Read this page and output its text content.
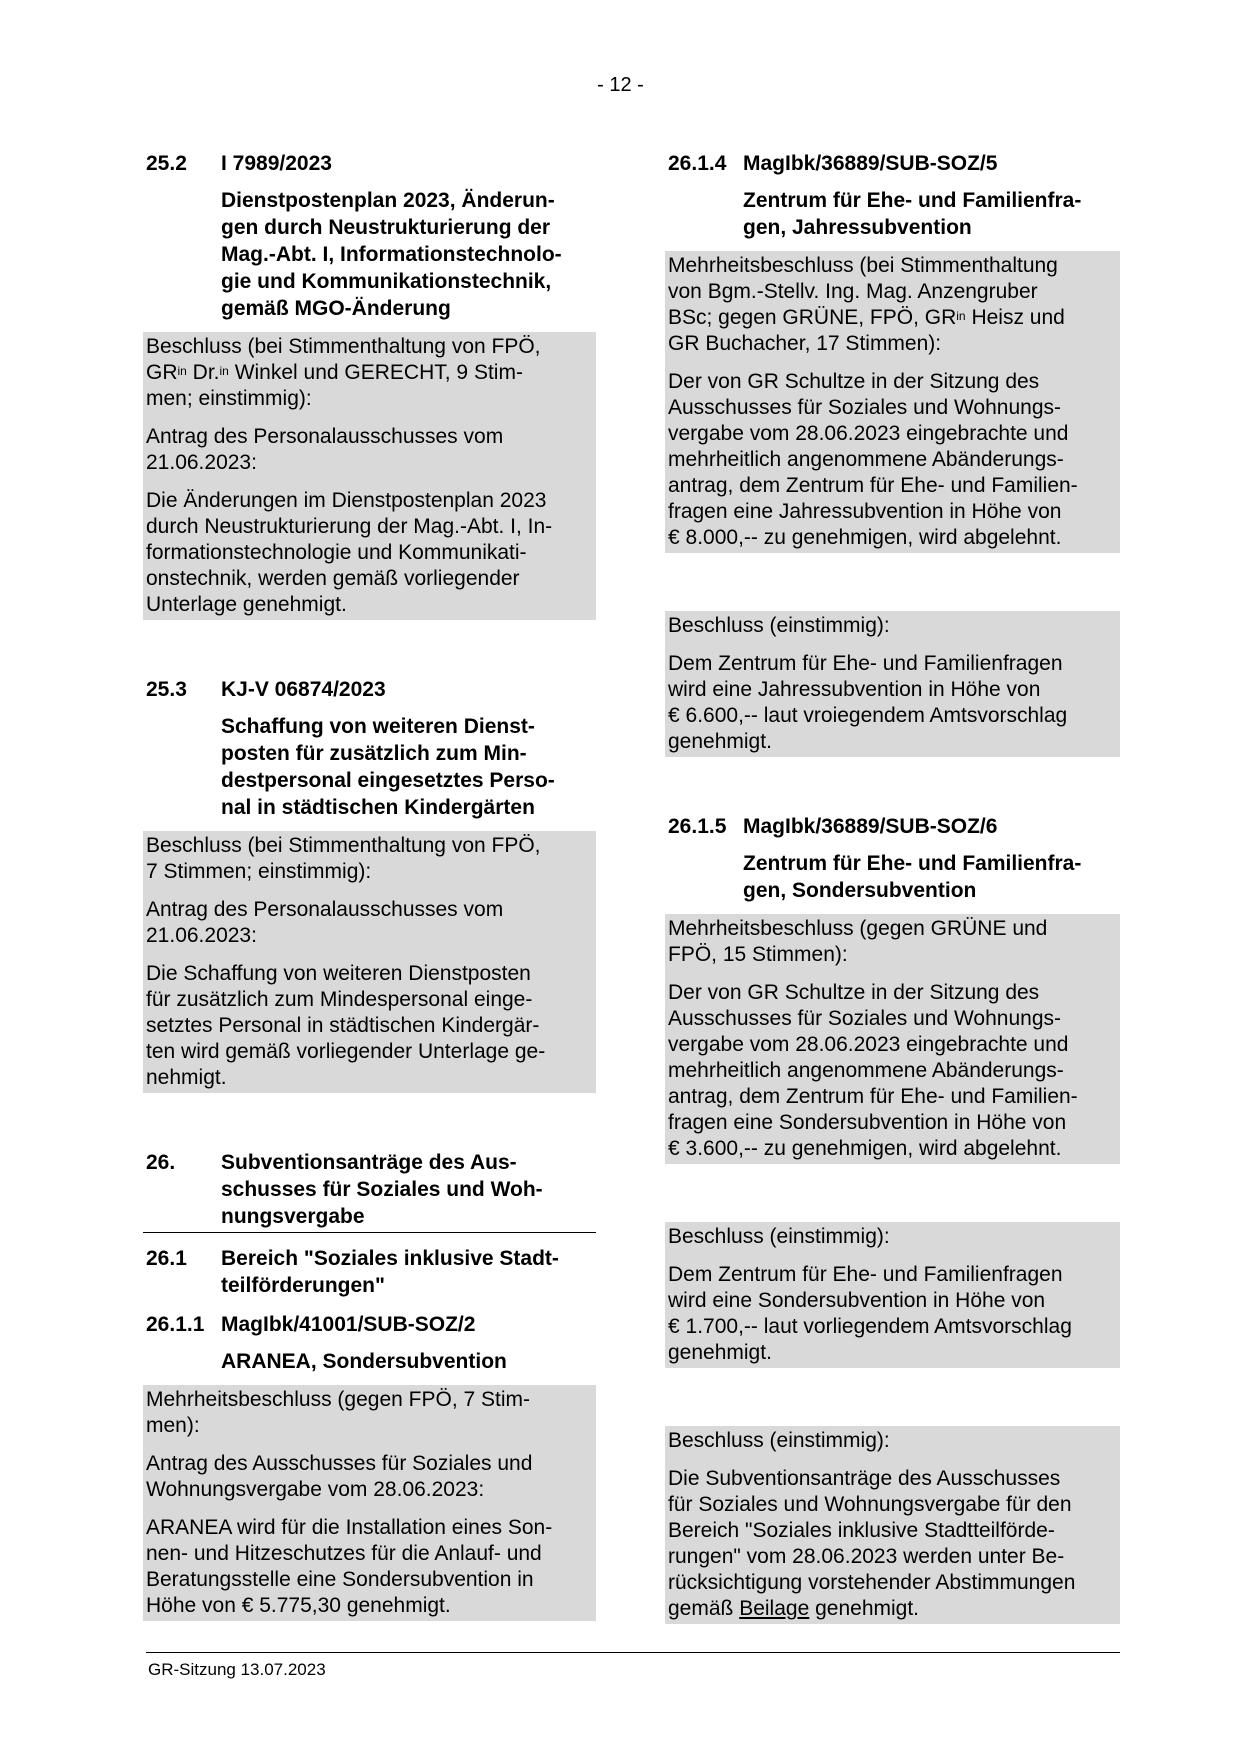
- 12 -
25.2	I 7989/2023
Dienstpostenplan 2023, Änderun-
gen durch Neustrukturierung der
Mag.-Abt. I, Informationstechnolo-
gie und Kommunikationstechnik,
gemäß MGO-Änderung

Beschluss (bei Stimmenthaltung von FPÖ,
$GR^{in}$ Dr.$^{in}$ Winkel und GERECHT, 9 Stim-
men; einstimmig):

Antrag des Personalausschusses vom
21.06.2023:

Die Änderungen im Dienstpostenplan 2023
durch Neustrukturierung der Mag.-Abt. I, In-
formationstechnologie und Kommunikati-
onstechnik, werden gemäß vorliegender
Unterlage genehmigt.

25.3	KJ-V 06874/2023
Schaffung von weiteren Dienst-
posten für zusätzlich zum Min-
destpersonal eingesetztes Perso-
nal in städtischen Kindergärten

Beschluss (bei Stimmenthaltung von FPÖ,
7 Stimmen; einstimmig):

Antrag des Personalausschusses vom
21.06.2023:

Die Schaffung von weiteren Dienstposten
für zusätzlich zum Mindespersonal einge-
setztes Personal in städtischen Kindergär-
ten wird gemäß vorliegender Unterlage ge-
nehmigt.

26.	Subventionsanträge des Aus-
schusses für Soziales und Woh-
nungsvergabe
26.1	Bereich "Soziales inklusive Stadt-
teilförderungen"
26.1.1 MagIbk/41001/SUB-SOZ/2
ARANEA, Sondersubvention

Mehrheitsbeschluss (gegen FPÖ, 7 Stim-
men):

Antrag des Ausschusses für Soziales und
Wohnungsvergabe vom 28.06.2023:

ARANEA wird für die Installation eines Son-
nen- und Hitzeschutzes für die Anlauf- und
Beratungsstelle eine Sondersubvention in
Höhe von € 5.775,30 genehmigt.

26.1.4 MagIbk/36889/SUB-SOZ/5
Zentrum für Ehe- und Familienfra-
gen, Jahressubvention

Mehrheitsbeschluss (bei Stimmenthaltung
von Bgm.-Stellv. Ing. Mag. Anzengruber
BSc; gegen GRÜNE, FPÖ, $GR^{in}$ Heisz und
GR Buchacher, 17 Stimmen):

Der von GR Schultze in der Sitzung des
Ausschusses für Soziales und Wohnungs-
vergabe vom 28.06.2023 eingebrachte und
mehrheitlich angenommene Abänderungs-
antrag, dem Zentrum für Ehe- und Familien-
fragen eine Jahressubvention in Höhe von
€ 8.000,-- zu genehmigen, wird abgelehnt.

Beschluss (einstimmig):

Dem Zentrum für Ehe- und Familienfragen
wird eine Jahressubvention in Höhe von
€ 6.600,-- laut vroiegendem Amtsvorschlag
genehmigt.

26.1.5 MagIbk/36889/SUB-SOZ/6
Zentrum für Ehe- und Familienfra-
gen, Sondersubvention

Mehrheitsbeschluss (gegen GRÜNE und
FPÖ, 15 Stimmen):

Der von GR Schultze in der Sitzung des
Ausschusses für Soziales und Wohnungs-
vergabe vom 28.06.2023 eingebrachte und
mehrheitlich angenommene Abänderungs-
antrag, dem Zentrum für Ehe- und Familien-
fragen eine Sondersubvention in Höhe von
€ 3.600,-- zu genehmigen, wird abgelehnt.

Beschluss (einstimmig):

Dem Zentrum für Ehe- und Familienfragen
wird eine Sondersubvention in Höhe von
€ 1.700,-- laut vorliegendem Amtsvorschlag
genehmigt.

Beschluss (einstimmig):

Die Subventionsanträge des Ausschusses
für Soziales und Wohnungsvergabe für den
Bereich "Soziales inklusive Stadtteilförde-
rungen" vom 28.06.2023 werden unter Be-
rücksichtigung vorstehender Abstimmungen
gemäß Beilage genehmigt.

GR-Sitzung 13.07.2023
